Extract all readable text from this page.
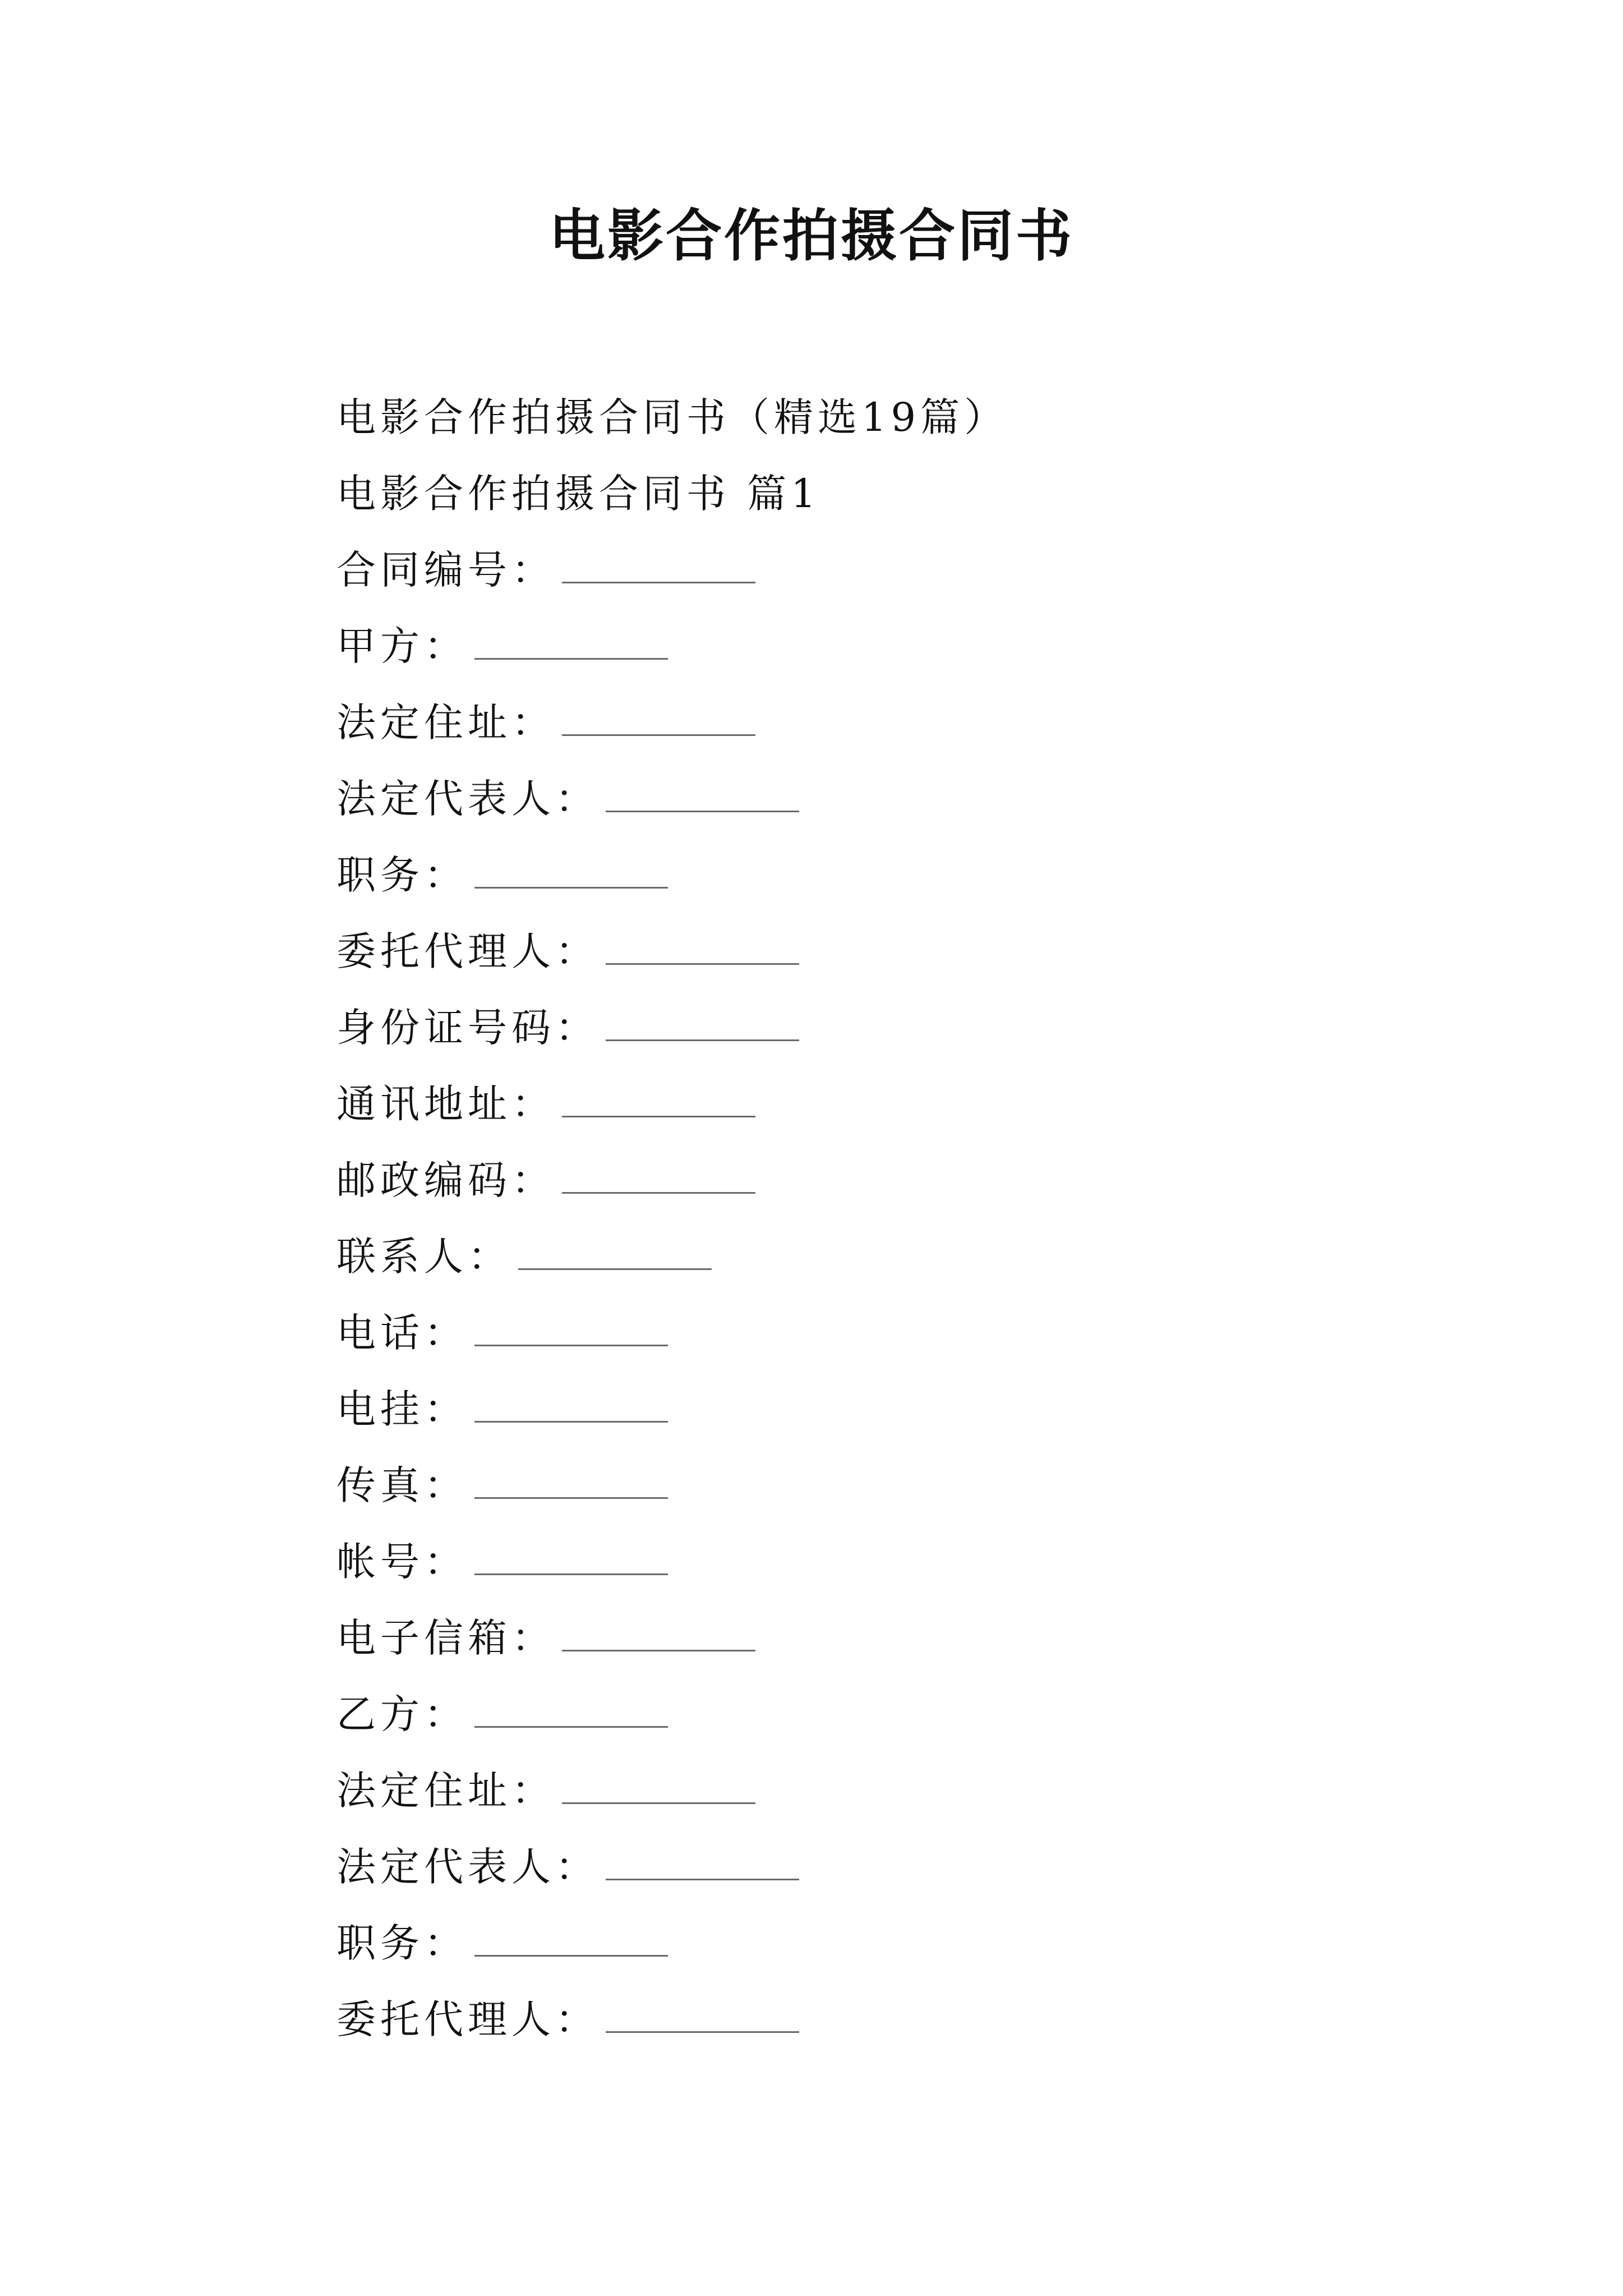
电影合作拍摄合同书
电影合作拍摄合同书（精选19篇）
电影合作拍摄合同书 篇1
合同编号：
甲方：
法定住址：
法定代表人：
职务：
委托代理人：
身份证号码：
通讯地址：
邮政编码：
联系人：
电话：
电挂：
传真：
帐号：
电子信箱：
乙方：
法定住址：
法定代表人：
职务：
委托代理人：
